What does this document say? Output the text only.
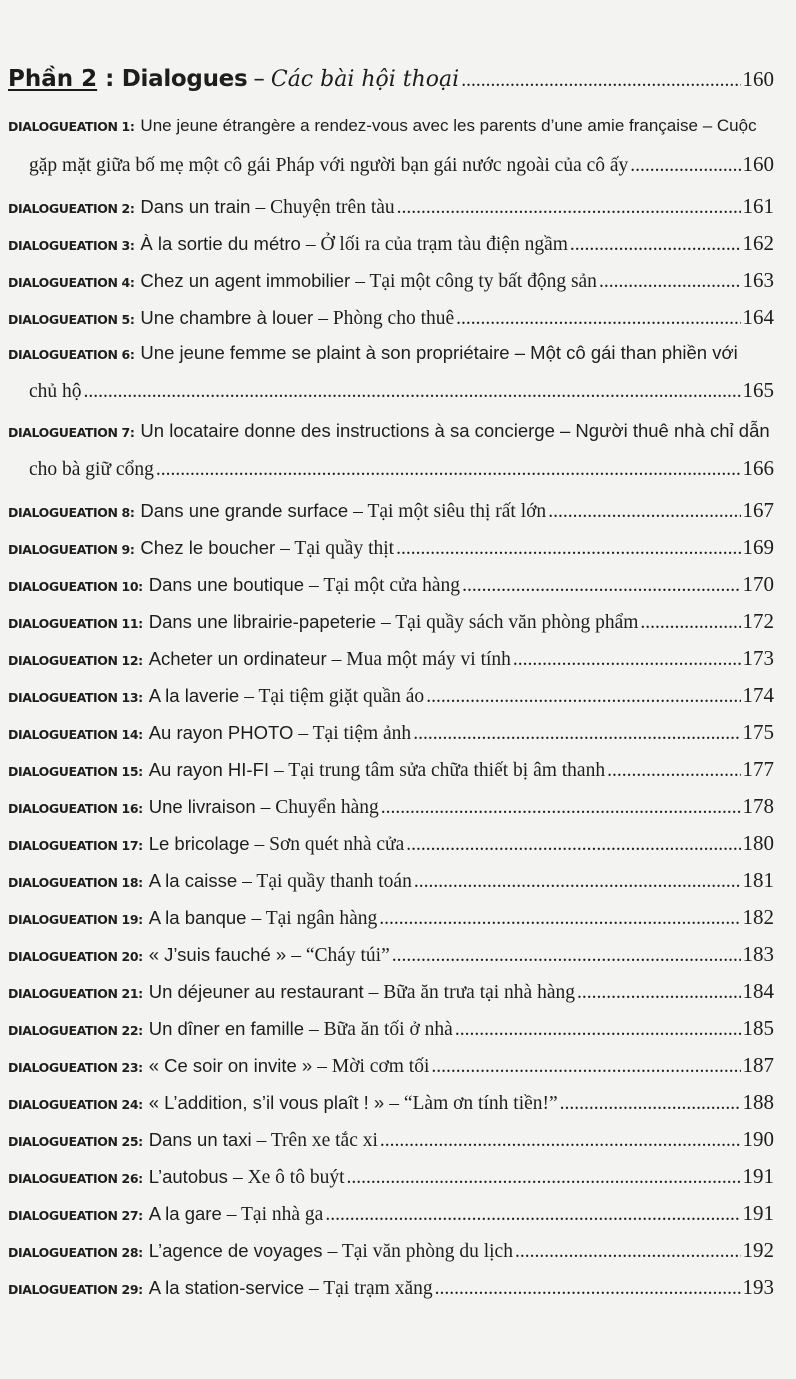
Phần 2 : Dialogues – Các bài hội thoại .....	160
DIALOGUEATION 1: Une jeune étrangère a rendez-vous avec les parents d’une amie française – Cuộc
gặp mặt giữa bố mẹ một cô gái Pháp với người bạn gái nước ngoài của cô ấy .....	160
DIALOGUEATION 2: Dans un train – Chuyện trên tàu .....	161
DIALOGUEATION 3: À la sortie du métro – Ở lối ra của trạm tàu điện ngầm .....	162
DIALOGUEATION 4: Chez un agent immobilier – Tại một công ty bất động sản .....	163
DIALOGUEATION 5: Une chambre à louer – Phòng cho thuê .....	164
DIALOGUEATION 6: Une jeune femme se plaint à son propriétaire – Một cô gái than phiền với
chủ hộ .....	165
DIALOGUEATION 7: Un locataire donne des instructions à sa concierge – Người thuê nhà chỉ dẫn
cho bà giữ cổng .....	166
DIALOGUEATION 8: Dans une grande surface – Tại một siêu thị rất lớn .....	167
DIALOGUEATION 9: Chez le boucher – Tại quầy thịt .....	169
DIALOGUEATION 10: Dans une boutique – Tại một cửa hàng .....	170
DIALOGUEATION 11: Dans une librairie-papeterie – Tại quầy sách văn phòng phẩm .....	172
DIALOGUEATION 12: Acheter un ordinateur – Mua một máy vi tính .....	173
DIALOGUEATION 13: A la laverie – Tại tiệm giặt quần áo .....	174
DIALOGUEATION 14: Au rayon PHOTO – Tại tiệm ảnh .....	175
DIALOGUEATION 15: Au rayon HI-FI – Tại trung tâm sửa chữa thiết bị âm thanh .....	177
DIALOGUEATION 16: Une livraison – Chuyển hàng .....	178
DIALOGUEATION 17: Le bricolage – Sơn quét nhà cửa .....	180
DIALOGUEATION 18: A la caisse – Tại quầy thanh toán .....	181
DIALOGUEATION 19: A la banque – Tại ngân hàng .....	182
DIALOGUEATION 20: « J’suis fauché » – “Cháy túi” .....	183
DIALOGUEATION 21: Un déjeuner au restaurant – Bữa ăn trưa tại nhà hàng .....	184
DIALOGUEATION 22: Un dîner en famille – Bữa ăn tối ở nhà .....	185
DIALOGUEATION 23: « Ce soir on invite » – Mời cơm tối .....	187
DIALOGUEATION 24: « L’addition, s’il vous plaît ! » – “Làm ơn tính tiền!” .....	188
DIALOGUEATION 25: Dans un taxi – Trên xe tắc xi .....	190
DIALOGUEATION 26: L’autobus – Xe ô tô buýt .....	191
DIALOGUEATION 27: A la gare – Tại nhà ga .....	191
DIALOGUEATION 28: L’agence de voyages – Tại văn phòng du lịch .....	192
DIALOGUEATION 29: A la station-service – Tại trạm xăng .....	193
